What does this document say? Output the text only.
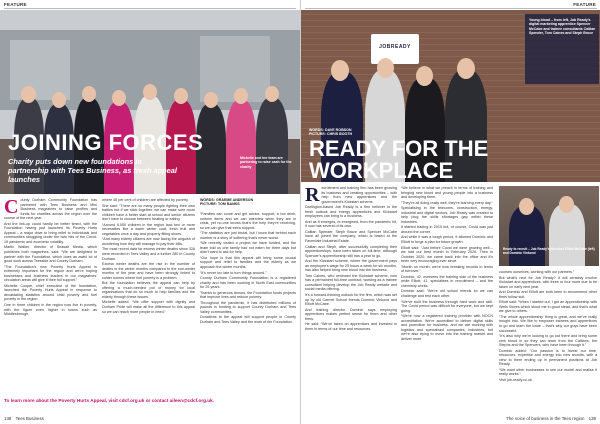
FEATURE
Michelle and her team are partnering to raise cash for the charity
JOINING FORCES
Charity puts down new foundations in partnership with Tees Business, as fresh appeal launches
C ounty Durham Community Foundation has partnered with Tees Business and Mini Business magazines to raise profiles and funds for charities across the region over the course of the next year.

And the link-up could hardly be better timed, with the Foundation having just launched its Poverty Hurts Appeal – a major drive to bring relief to individuals and communities struggling under the twin hits of the Covid-19 pandemic and economic volatility.

Martin Walker, director of Seasalt Media, which publishes both magazines, said: “We are delighted to partner with the Foundation, which does an awful lot of good work across Teesside and County Durham.

“The Foundation’s new Poverty Hurts Appeal is extremely important for the region and we’re hoping businesses and business leaders in our magazines’ circulation areas will give it their full support.”

Michelle Cooper, chief executive of the foundation, launched the Poverty Hurts Appeal in response to devastating statistics around child poverty and fuel poverty in the region.

One in three children in the region now live in poverty, with the figure even higher in towns such as Middlesbrough,

where 46 per cent of children are affected by poverty.

She said: “There are so many people fighting their own battles but if we stick together, we can make sure more children have a better start at school and senior citizens don’t have to choose between heating or eating.

“Around 6,000 children in the region lack two or more necessities like a warm winter coat, fresh fruit and vegetables once a day and properly fitting shoes.

“And many elderly citizens are now facing the anguish of wondering how they will manage to pay their bills.

The most recent data for excess winter deaths show 328 were recorded in Tees Valley and a further 280 in County Durham.

Excess winter deaths are the rise in the number of deaths in the winter months compared to the non-winter months of the year and have been strongly linked to colder homes where fuel poverty is a problem.

But the foundation believes the appeal can help by offering a much-needed pot of money for local organisations that do so much to help families and the elderly through these issues.

Michelle added: “We offer support with dignity and Durham Pride will make all the difference to this appeal so we can reach more people in need.”

WORDS: GRAEME ANDERSON
PICTURE: TOM BANKS

“Families can come and get advice, support, a hot drink, uniform items and we can interview when they are in crisis, yet no-one knows that’s the help they’re receiving, so we can give that extra support.

“The statistics are just brutal, but I know that behind each number is a story of suffering that’s never worse.

“We recently visited a project we have funded, and the team told us one family had not eaten for three days but didn’t want to ask for help.

“Our hope is that this appeal will bring some crucial support and relief to families and the elderly as we approach the winter months.

“It’s never too late to turn things around.”

County Durham Community Foundation is a registered charity and has been working in North East communities for 25 years.

Thanks to generous donors, the Foundation funds projects that improve lives and reduce poverty.

Throughout the pandemic, it has distributed millions of pounds in funding to support County Durham and Tees Valley communities.

Donations to the appeal will support people in County Durham and Tees Valley and the work of the Foundation.

To learn more about the Poverty Hurts Appeal, visit cdcf.org.uk or contact aileen@cdcf.org.uk.
138 Tees Business
FEATURE
JOBREADY
Young blood – from left, Job Ready’s digital marketing apprentice Spencer McCabe and trainee consultants Caitlan Spender, Tom Caines and Steph Bruce
WORDS: DAVE ROBSON
PICTURE: CHRIS BOOTH
READY FOR THE
WORKPLACE
R ecruitment and training firm has been growing its business and creating opportunities – with help from new apprentices and the government’s Kickstart scheme.

Darlington-based Job Ready is a firm believer in the fresh outlook and energy apprentices and Kickstart employees can bring to a business.

And as it emerges, re-energised, from the pandemic hit, it now has several of its own.

Caitlan Spender, Steph Bruce and Spencer McCabe have all joined the company, which is based at the Faverdale Industrial Estate.

Caitlan and Steph, after successfully completing their apprenticeships, have been taken on full-time, although Spencer’s apprenticeship still has a year to go.

And the Kickstart scheme, where the government pays an employee’s wage for 25 hours a week for six months, has also helped bring new blood into the business.

Tom Caines, who reviewed the Kickstart scheme, now has a permanent full-time contract, working as a trainee consultant helping develop the Job Ready website and social media offering.

It’s a forward-thinking outlook for the firm, which was set up by old Carmel School friends Dominic Vinkond and Elliott McCabe.

And training director Dominic says employing apprentices makes perfect sense for them and other firms.

He said: “We’ve taken on apprentices and invested in them in terms of our time and resources.

“We believe in what we preach in terms of training and bringing new blood and young people into a business and developing them.

“They’re all doing really well, they’re learning every day.”

Specialising in the telecoms, construction, energy, industrial and digital sectors, Job Ready was created to help plug the skills shortages gap within these industries.

It started trading in 2019 but, of course, Covid was just around the corner.

And while it was a tough period, it allowed Dominic and Elliott to forge a plan for future growth.

Elliott said: “Just before Covid we were growing well – we had our best month in February 2020. Then in October 2020, we came back into the office and it’s been very encouraging ever since.

“Month on month, we’re now breaking records in terms of turnover.”

Dominic, 42, oversees the training side of the business while Elliott, 41, specialises in recruitment – and the chemistry works.

Dominic said: “We’re old school friends so we can challenge and test each other.

“We’ve built the business through hard work and skill. The Covid period was difficult for everyone, but we kept going.

“We’re now a registered training provider with NOCN accreditation. We’re accredited to deliver digital skills and promotion for business, and we are working with logistics and specialised companies, industries, but we’re also trying to move into the training market and deliver more

Ready to recruit – Job Ready’s directors Elliott McCabe (left) and Dominic Vinkond

courses ourselves, working with our partners.”

But what’s next for Job Ready? It will certainly involve Kickstart and apprentices, with three or four more due to be taken on early next year.

And Dominic and Elliott are both keen to recommend other firms follow suit.

Elliott said: “When I started out, I got an apprenticeship with Wells Stores which stood me in good stead, and that’s what we give to others.

“The whole apprenticeship thing is great, and we’ve really bought into. We like to empower trainees and apprentices to go and learn the trade – that’s why our guys have been successful.

“It’s also why we’re looking to go out there and bring some new blood in so they can learn from the Caitlans, the Stephs and the Spencers, who have been through it.”

Dominic added: “Our passion is to invest our time, resources, expertise and energy into new recruits, with a view to them ending up in permanent positions at Job Ready.

“We want other businesses to see our model and realise it really works.”

Visit job-ready.co.uk

The voice of business in the Tees region 139
